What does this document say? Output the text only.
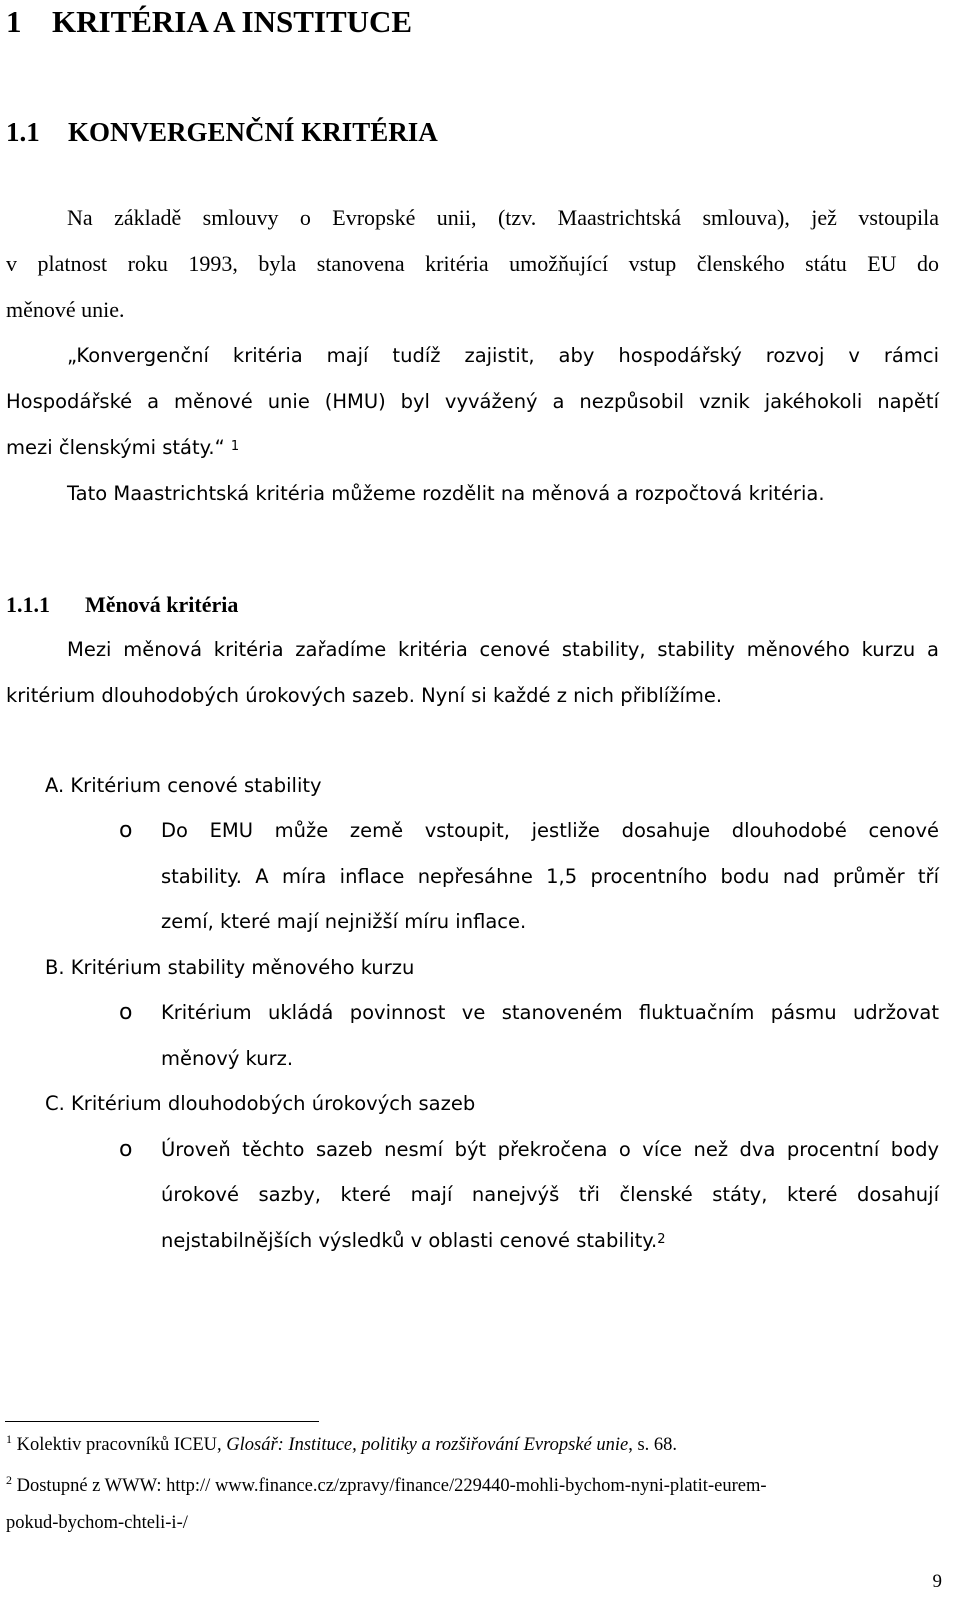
1 KRITÉRIA A INSTITUCE
1.1 KONVERGENČNÍ KRITÉRIA
Na základě smlouvy o Evropské unii, (tzv. Maastrichtská smlouva), jež vstoupila
v platnost roku 1993, byla stanovena kritéria umožňující vstup členského státu EU do
měnové unie.
„Konvergenční kritéria mají tudíž zajistit, aby hospodářský rozvoj v rámci
Hospodářské a měnové unie (HMU) byl vyvážený a nezpůsobil vznik jakéhokoli napětí
mezi členskými státy.“ $^1$
Tato Maastrichtská kritéria můžeme rozdělit na měnová a rozpočtová kritéria.
1.1.1 Měnová kritéria
Mezi měnová kritéria zařadíme kritéria cenové stability, stability měnového kurzu a
kritérium dlouhodobých úrokových sazeb. Nyní si každé z nich přiblížíme.
A. Kritérium cenové stability
o Do EMU může země vstoupit, jestliže dosahuje dlouhodobé cenové
stability. A míra inflace nepřesáhne 1,5 procentního bodu nad průměr tří
zemí, které mají nejnižší míru inflace.
B. Kritérium stability měnového kurzu
o Kritérium ukládá povinnost ve stanoveném fluktuačním pásmu udržovat
měnový kurz.
C. Kritérium dlouhodobých úrokových sazeb
o Úroveň těchto sazeb nesmí být překročena o více než dva procentní body
úrokové sazby, které mají nanejvýš tři členské státy, které dosahují
nejstabilnějších výsledků v oblasti cenové stability.$^2$
$^1$ Kolektiv pracovníků ICEU, Glosář: Instituce, politiky a rozšiřování Evropské unie, s. 68.
$^2$ Dostupné z WWW: http:// www.finance.cz/zpravy/finance/229440-mohli-bychom-nyni-platit-eurem-
pokud-bychom-chteli-i-/
9
